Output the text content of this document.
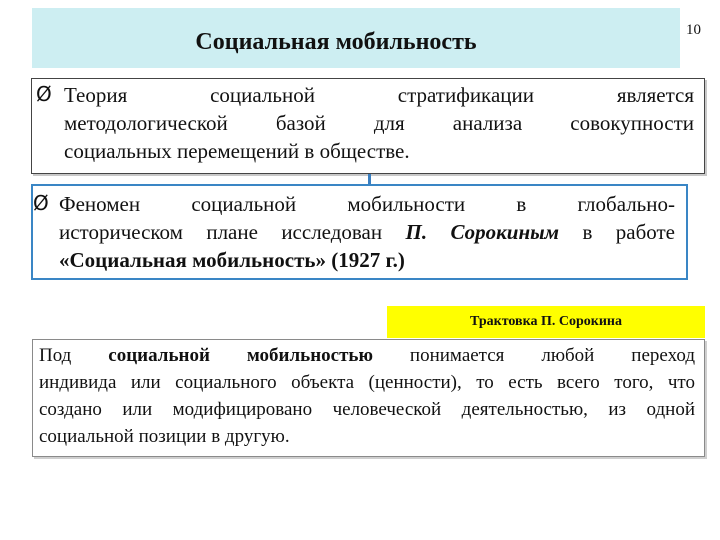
Социальная мобильность	10
Ø Теория социальной стратификации является
методологической базой для анализа совокупности
социальных перемещений в обществе.
Ø Феномен социальной мобильности в глобально-
историческом плане исследован П. Сорокиным в работе
«Социальная мобильность» (1927 г.)
Трактовка П. Сорокина
Под социальной мобильностью понимается любой переход
индивида или социального объекта (ценности), то есть всего того, что
создано или модифицировано человеческой деятельностью, из одной
социальной позиции в другую.
